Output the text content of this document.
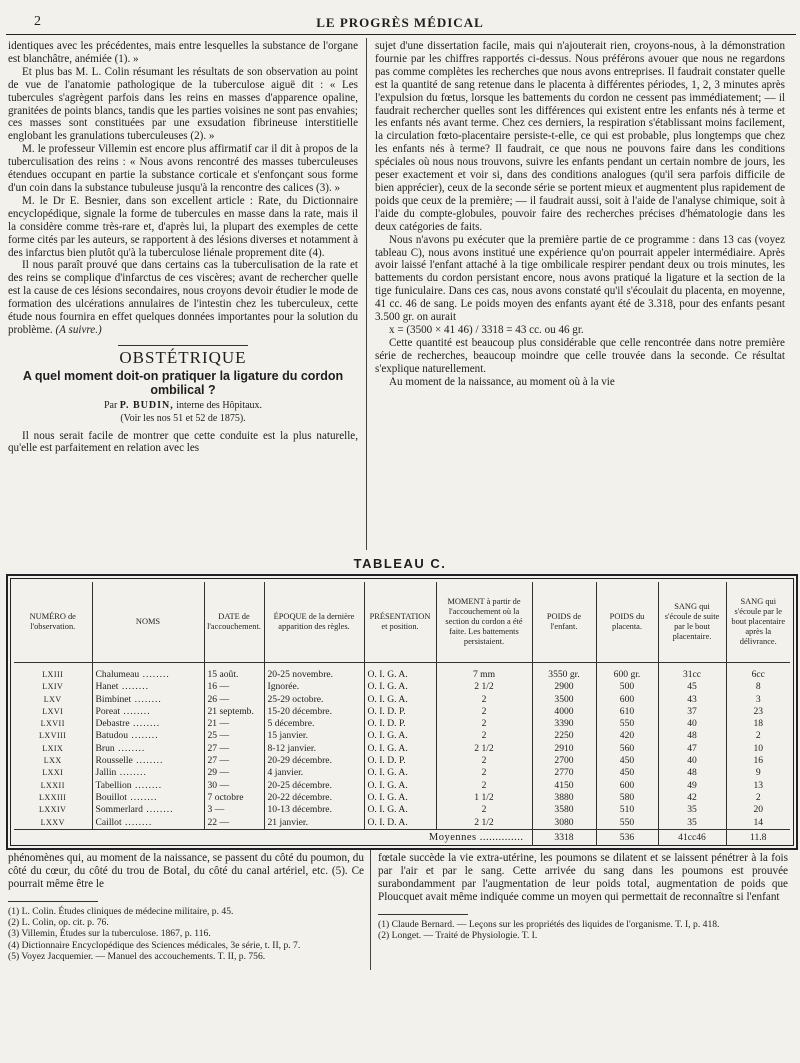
2	LE PROGRÈS MÉDICAL

identiques avec les précédentes, mais entre lesquelles la substance de l'organe est blanchâtre, anémiée (1). »

Et plus bas M. L. Colin résumant les résultats de son observation au point de vue de l'anatomie pathologique de la tuberculose aiguë dit : « Les tubercules s'agrègent parfois dans les reins en masses d'apparence opaline, granitées de points blancs, tandis que les parties voisines ne sont pas envahies; ces masses sont constituées par une exsudation fibrineuse interstitielle englobant les granulations tuberculeuses (2). »

M. le professeur Villemin est encore plus affirmatif car il dit à propos de la tuberculisation des reins : « Nous avons rencontré des masses tuberculeuses étendues occupant en partie la substance corticale et s'enfonçant sous forme d'un coin dans la substance tubuleuse jusqu'à la rencontre des calices (3). »

M. le Dr E. Besnier, dans son excellent article : Rate, du Dictionnaire encyclopédique, signale la forme de tubercules en masse dans la rate, mais il la considère comme très-rare et, d'après lui, la plupart des exemples de cette forme cités par les auteurs, se rapportent à des lésions diverses et notamment à des infarctus bien plutôt qu'à la tuberculose liénale proprement dite (4).

Il nous paraît prouvé que dans certains cas la tuberculisation de la rate et des reins se complique d'infarctus de ces viscères; avant de rechercher quelle est la cause de ces lésions secondaires, nous croyons devoir étudier le mode de formation des ulcérations annulaires de l'intestin chez les tuberculeux, cette étude nous fournira en effet quelques données importantes pour la solution du problème. (A suivre.)

OBSTÉTRIQUE
A quel moment doit-on pratiquer la ligature du cordon ombilical ?
Par P. BUDIN, interne des Hôpitaux.
(Voir les nos 51 et 52 de 1875).

Il nous serait facile de montrer que cette conduite est la plus naturelle, qu'elle est parfaitement en relation avec les

sujet d'une dissertation facile, mais qui n'ajouterait rien, croyons-nous, à la démonstration fournie par les chiffres rapportés ci-dessus. Nous préférons avouer que nous ne regardons pas comme complètes les recherches que nous avons entreprises. Il faudrait constater quelle est la quantité de sang retenue dans le placenta à différentes périodes, 1, 2, 3 minutes après l'expulsion du fœtus, lorsque les battements du cordon ne cessent pas immédiatement; — il faudrait rechercher quelles sont les différences qui existent entre les enfants nés à terme et les enfants nés avant terme. Chez ces derniers, la respiration s'établissant moins facilement, la circulation fœto-placentaire persiste-t-elle, ce qui est probable, plus longtemps que chez les enfants nés à terme? Il faudrait, ce que nous ne pouvons faire dans les conditions spéciales où nous nous trouvons, suivre les enfants pendant un certain nombre de jours, les peser exactement et voir si, dans des conditions analogues (qu'il sera parfois difficile de bien apprécier), ceux de la seconde série se portent mieux et augmentent plus rapidement de poids que ceux de la première; — il faudrait aussi, soit à l'aide de l'analyse chimique, soit à l'aide du compte-globules, pouvoir faire des recherches précises d'hématologie dans les deux catégories de faits.

Nous n'avons pu exécuter que la première partie de ce programme : dans 13 cas (voyez tableau C), nous avons institué une expérience qu'on pourrait appeler intermédiaire. Après avoir laissé l'enfant attaché à la tige ombilicale respirer pendant deux ou trois minutes, les battements du cordon persistant encore, nous avons pratiqué la ligature et la section de la tige funiculaire. Dans ces cas, nous avons constaté qu'il s'écoulait du placenta, en moyenne, 41 cc. 46 de sang. Le poids moyen des enfants ayant été de 3.318, pour des enfants pesant 3.500 gr. on aurait

x = (3500 × 41 46) / 3318 = 43 cc. ou 46 gr.

Cette quantité est beaucoup plus considérable que celle rencontrée dans notre première série de recherches, beaucoup moindre que celle trouvée dans la seconde. Ce résultat s'explique naturellement.

Au moment de la naissance, au moment où à la vie

TABLEAU C.
NUMÉRO de l'observation.	NOMS	DATE de l'accouchement.	ÉPOQUE de la dernière apparition des règles.	PRÉSENTATION et position.	MOMENT à partir de l'accouchement où la section du cordon a été faite. Les battements persistaient.	POIDS de l'enfant.	POIDS du placenta.	SANG qui s'écoule de suite par le bout placentaire.	SANG qui s'écoule par le bout placentaire après la délivrance.

LXIII	Chalumeau .....	15 août.	20-25 novembre.	O. I. G. A.	7 mm	3550 gr.	600 gr.	31cc	6cc
LXIV	Hanet .....	16 —	Ignorée.	O. I. G. A.	2 1/2	2900	500	45	8
LXV	Bimbinet .....	26 —	25-29 octobre.	O. I. G. A.	2	3500	600	43	3
LXVI	Poreat .....	21 septemb.	15-20 décembre.	O. I. D. P.	2	4000	610	37	23
LXVII	Debastre .....	21 —	5 décembre.	O. I. D. P.	2	3390	550	40	18
LXVIII	Batudou .....	25 —	15 janvier.	O. I. G. A.	2	2250	420	48	2
LXIX	Brun .....	27 —	8-12 janvier.	O. I. G. A.	2 1/2	2910	560	47	10
LXX	Rousselle .....	27 —	20-29 décembre.	O. I. D. P.	2	2700	450	40	16
LXXI	Jallin .....	29 —	4 janvier.	O. I. G. A.	2	2770	450	48	9
LXXII	Tabellion .....	30 —	20-25 décembre.	O. I. G. A.	2	4150	600	49	13
LXXIII	Bouillot .....	7 octobre	20-22 décembre.	O. I. G. A.	1 1/2	3880	580	42	2
LXXIV	Sommerlard .....	3 —	10-13 décembre.	O. I. G. A.	2	3580	510	35	20
LXXV	Caillot .....	22 —	21 janvier.	O. I. D. A.	2 1/2	3080	550	35	14
Moyennes ..............						3318	536	41cc46	11.8

phénomènes qui, au moment de la naissance, se passent du côté du poumon, du côté du cœur, du côté du trou de Botal, du côté du canal artériel, etc. (5). Ce pourrait même être le

(1) L. Colin. Études cliniques de médecine militaire, p. 45.
(2) L. Colin, op. cit. p. 76.
(3) Villemin, Études sur la tuberculose. 1867, p. 116.
(4) Dictionnaire Encyclopédique des Sciences médicales, 3e série, t. II, p. 7.
(5) Voyez Jacquemier. — Manuel des accouchements. T. II, p. 756.

fœtale succède la vie extra-utérine, les poumons se dilatent et se laissent pénétrer à la fois par l'air et par le sang. Cette arrivée du sang dans les poumons est prouvée surabondamment par l'augmentation de leur poids total, augmentation de poids que Ploucquet avait même indiquée comme un moyen qui permettait de reconnaître si l'enfant

(1) Claude Bernard. — Leçons sur les propriétés des liquides de l'organisme. T. I, p. 418.
(2) Longet. — Traité de Physiologie. T. I.
